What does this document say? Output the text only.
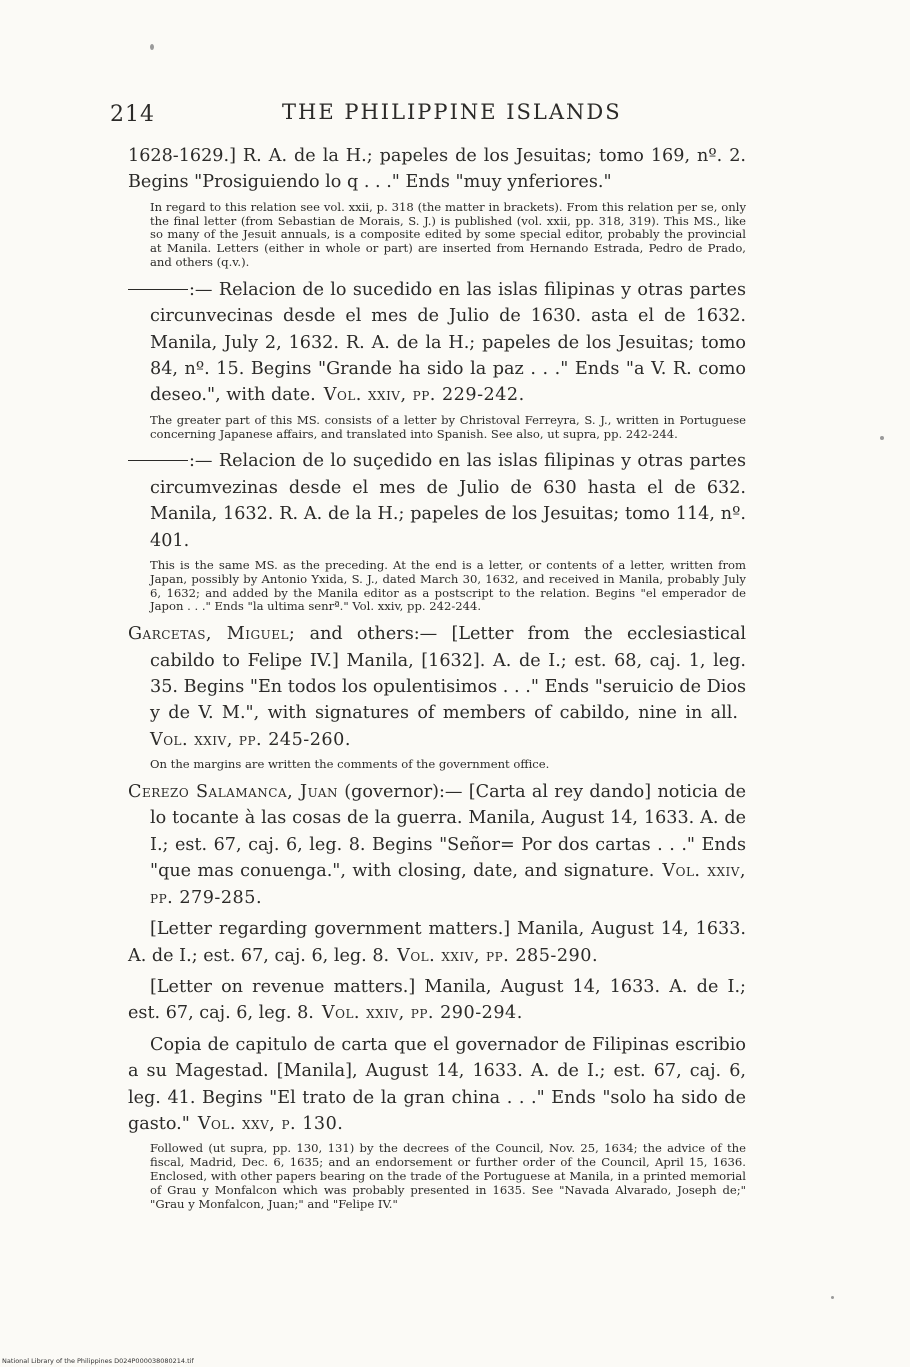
214	THE PHILIPPINE ISLANDS

1628-1629.] R. A. de la H.; papeles de los Jesuitas; tomo 169, nº. 2. Begins "Prosiguiendo lo q . . ." Ends "muy ynferiores."

In regard to this relation see vol. xxii, p. 318 (the matter in brackets). From this relation per se, only the final letter (from Sebastian de Morais, S. J.) is published (vol. xxii, pp. 318, 319). This MS., like so many of the Jesuit annuals, is a composite edited by some special editor, probably the provincial at Manila. Letters (either in whole or part) are inserted from Hernando Estrada, Pedro de Prado, and others (q.v.).

:— Relacion de lo sucedido en las islas filipinas y otras partes circunvecinas desde el mes de Julio de 1630. asta el de 1632. Manila, July 2, 1632. R. A. de la H.; papeles de los Jesuitas; tomo 84, nº. 15. Begins "Grande ha sido la paz . . ." Ends "a V. R. como deseo.", with date. Vol. xxiv, pp. 229-242.

The greater part of this MS. consists of a letter by Christoval Ferreyra, S. J., written in Portuguese concerning Japanese affairs, and translated into Spanish. See also, ut supra, pp. 242-244.

:— Relacion de lo suçedido en las islas filipinas y otras partes circumvezinas desde el mes de Julio de 630 hasta el de 632. Manila, 1632. R. A. de la H.; papeles de los Jesuitas; tomo 114, nº. 401.

This is the same MS. as the preceding. At the end is a letter, or contents of a letter, written from Japan, possibly by Antonio Yxida, S. J., dated March 30, 1632, and received in Manila, probably July 6, 1632; and added by the Manila editor as a postscript to the relation. Begins "el emperador de Japon . . ." Ends "la ultima senrª." Vol. xxiv, pp. 242-244.

Garcetas, Miguel; and others:— [Letter from the ecclesiastical cabildo to Felipe IV.] Manila, [1632]. A. de I.; est. 68, caj. 1, leg. 35. Begins "En todos los opulentisimos . . ." Ends "seruicio de Dios y de V. M.", with signatures of members of cabildo, nine in all.Vol. xxiv, pp. 245-260.

On the margins are written the comments of the government office.

Cerezo Salamanca, Juan (governor):— [Carta al rey dando] noticia de lo tocante à las cosas de la guerra. Manila, August 14, 1633. A. de I.; est. 67, caj. 6, leg. 8. Begins "Señor= Por dos cartas . . ." Ends "que mas conuenga.", with closing, date, and signature. Vol. xxiv, pp. 279-285.

[Letter regarding government matters.] Manila, August 14, 1633. A. de I.; est. 67, caj. 6, leg. 8. Vol. xxiv, pp. 285-290.

[Letter on revenue matters.] Manila, August 14, 1633. A. de I.; est. 67, caj. 6, leg. 8. Vol. xxiv, pp. 290-294.

Copia de capitulo de carta que el governador de Filipinas escribio a su Magestad. [Manila], August 14, 1633. A. de I.; est. 67, caj. 6, leg. 41. Begins "El trato de la gran china . . ." Ends "solo ha sido de gasto." Vol. xxv, p. 130.

Followed (ut supra, pp. 130, 131) by the decrees of the Council, Nov. 25, 1634; the advice of the fiscal, Madrid, Dec. 6, 1635; and an endorsement or further order of the Council, April 15, 1636. Enclosed, with other papers bearing on the trade of the Portuguese at Manila, in a printed memorial of Grau y Monfalcon which was probably presented in 1635. See "Navada Alvarado, Joseph de;" "Grau y Monfalcon, Juan;" and "Felipe IV."

National Library of the Philippines D024P000038080214.tif
